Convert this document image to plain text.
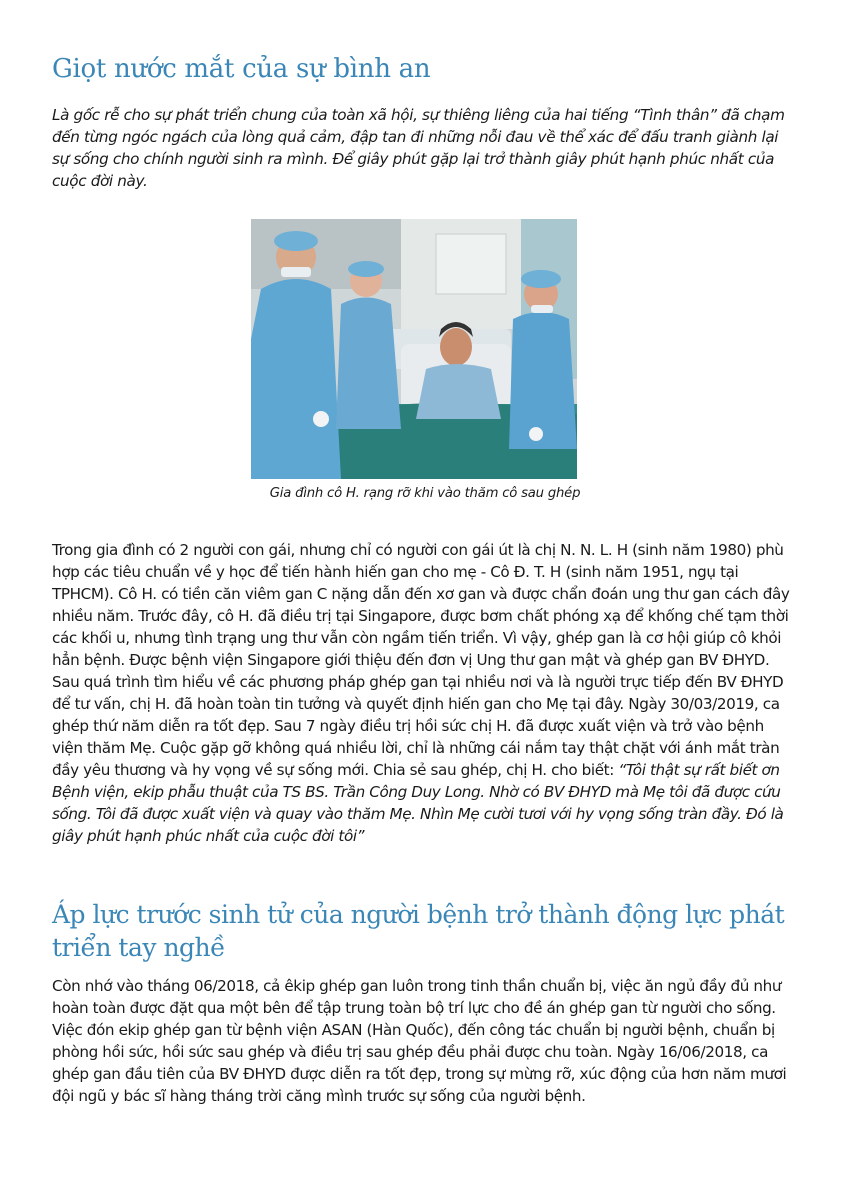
Giọt nước mắt của sự bình an

Là gốc rễ cho sự phát triển chung của toàn xã hội, sự thiêng liêng của hai tiếng “Tình thân” đã chạm đến từng ngóc ngách của lòng quả cảm, đập tan đi những nỗi đau về thể xác để đấu tranh giành lại sự sống cho chính người sinh ra mình. Để giây phút gặp lại trở thành giây phút hạnh phúc nhất của cuộc đời này.

Gia đình cô H. rạng rỡ khi vào thăm cô sau ghép

Trong gia đình có 2 người con gái, nhưng chỉ có người con gái út là chị N. N. L. H (sinh năm 1980) phù hợp các tiêu chuẩn về y học để tiến hành hiến gan cho mẹ - Cô Đ. T. H (sinh năm 1951, ngụ tại TPHCM). Cô H. có tiền căn viêm gan C nặng dẫn đến xơ gan và được chẩn đoán ung thư gan cách đây nhiều năm. Trước đây, cô H. đã điều trị tại Singapore, được bơm chất phóng xạ để khống chế tạm thời các khối u, nhưng tình trạng ung thư vẫn còn ngầm tiến triển. Vì vậy, ghép gan là cơ hội giúp cô khỏi hẳn bệnh. Được bệnh viện Singapore giới thiệu đến đơn vị Ung thư gan mật và ghép gan BV ĐHYD. Sau quá trình tìm hiểu về các phương pháp ghép gan tại nhiều nơi và là người trực tiếp đến BV ĐHYD để tư vấn, chị H. đã hoàn toàn tin tưởng và quyết định hiến gan cho Mẹ tại đây. Ngày 30/03/2019, ca ghép thứ năm diễn ra tốt đẹp. Sau 7 ngày điều trị hồi sức chị H. đã được xuất viện và trở vào bệnh viện thăm Mẹ. Cuộc gặp gỡ không quá nhiều lời, chỉ là những cái nắm tay thật chặt với ánh mắt tràn đầy yêu thương và hy vọng về sự sống mới. Chia sẻ sau ghép, chị H. cho biết: “Tôi thật sự rất biết ơn Bệnh viện, ekip phẫu thuật của TS BS. Trần Công Duy Long. Nhờ có BV ĐHYD mà Mẹ tôi đã được cứu sống. Tôi đã được xuất viện và quay vào thăm Mẹ. Nhìn Mẹ cười tươi với hy vọng sống tràn đầy. Đó là giây phút hạnh phúc nhất của cuộc đời tôi”

Áp lực trước sinh tử của người bệnh trở thành động lực phát triển tay nghề

Còn nhớ vào tháng 06/2018, cả êkip ghép gan luôn trong tinh thần chuẩn bị, việc ăn ngủ đầy đủ như hoàn toàn được đặt qua một bên để tập trung toàn bộ trí lực cho đề án ghép gan từ người cho sống. Việc đón ekip ghép gan từ bệnh viện ASAN (Hàn Quốc), đến công tác chuẩn bị người bệnh, chuẩn bị phòng hồi sức, hồi sức sau ghép và điều trị sau ghép đều phải được chu toàn. Ngày 16/06/2018, ca ghép gan đầu tiên của BV ĐHYD được diễn ra tốt đẹp, trong sự mừng rỡ, xúc động của hơn năm mươi đội ngũ y bác sĩ hàng tháng trời căng mình trước sự sống của người bệnh.
